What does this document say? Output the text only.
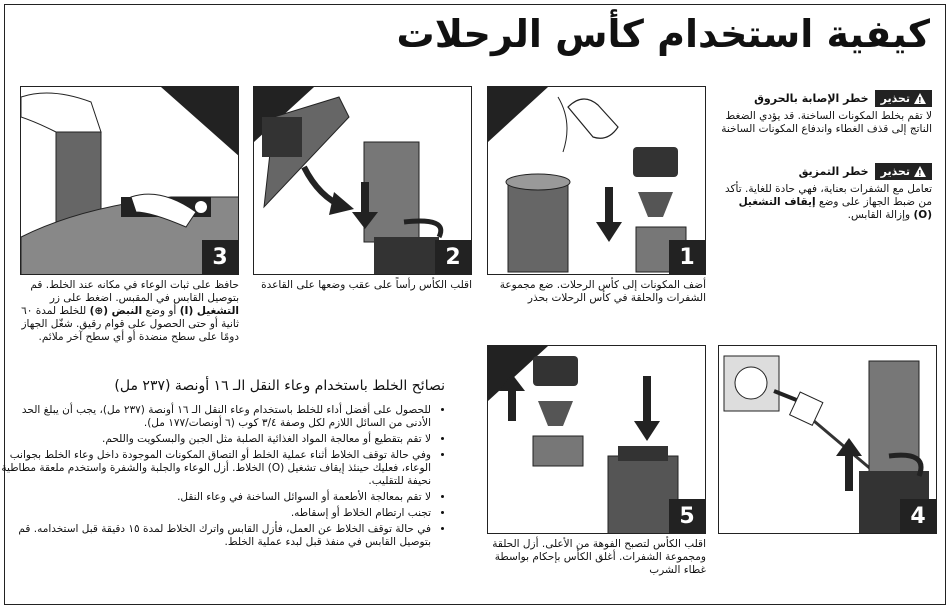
كيفية استخدام كأس الرحلات
!
تحذير
خطر الإصابة بالحروق
لا تقم بخلط المكونات الساخنة. قد يؤدي الضغط الناتج إلى قذف الغطاء واندفاع المكونات الساخنة
!
تحذير
خطر التمزيق
تعامل مع الشفرات بعناية، فهي حادة للغاية. تأكد من ضبط الجهاز على وضع إيقاف التشغيل (O) وإزالة القابس.
1
أضف المكونات إلى كأس الرحلات. ضع مجموعة الشفرات والحلقة في كأس الرحلات بحذر
2
اقلب الكأس رأساً على عقب وضعها على القاعدة
3
حافظ على ثبات الوعاء في مكانه عند الخلط. قم بتوصيل القابس في المقبس. اضغط على زر التشغيل (I) أو وضع النبض (⊕) للخلط لمدة ٦٠ ثانية أو حتى الحصول على قوام رقيق. شغّل الجهاز دومًا على سطح منضدة أو أي سطح آخر ملائم.
5
اقلب الكأس لتصبح الفوهة من الأعلى. أزل الحلقة ومجموعة الشفرات. أغلق الكأس بإحكام بواسطة غطاء الشرب
4
نصائح الخلط باستخدام وعاء النقل الـ ١٦ أونصة (٢٣٧ مل)
• للحصول على أفضل أداء للخلط باستخدام وعاء النقل الـ ١٦ أونصة (٢٣٧ مل)، يجب أن يبلغ الحد الأدنى من السائل اللازم لكل وصفة ٣/٤ كوب (٦ أونصات/١٧٧ مل).
• لا تقم بتقطيع أو معالجة المواد الغذائية الصلبة مثل الجبن والبسكويت واللحم.
• وفي حالة توقف الخلاط أثناء عملية الخلط أو التصاق المكونات الموجودة داخل وعاء الخلط بجوانب الوعاء، فعليك حينئذ إيقاف تشغيل (O) الخلاط. أزل الوعاء والجلبة والشفرة واستخدم ملعقة مطاطية نحيفة للتقليب.
• لا تقم بمعالجة الأطعمة أو السوائل الساخنة في وعاء النقل.
• تجنب ارتطام الخلاط أو إسقاطه.
• في حالة توقف الخلاط عن العمل، فأزل القابس واترك الخلاط لمدة ١٥ دقيقة قبل استخدامه. قم بتوصيل القابس في منفذ قبل لبدء عملية الخلط.
